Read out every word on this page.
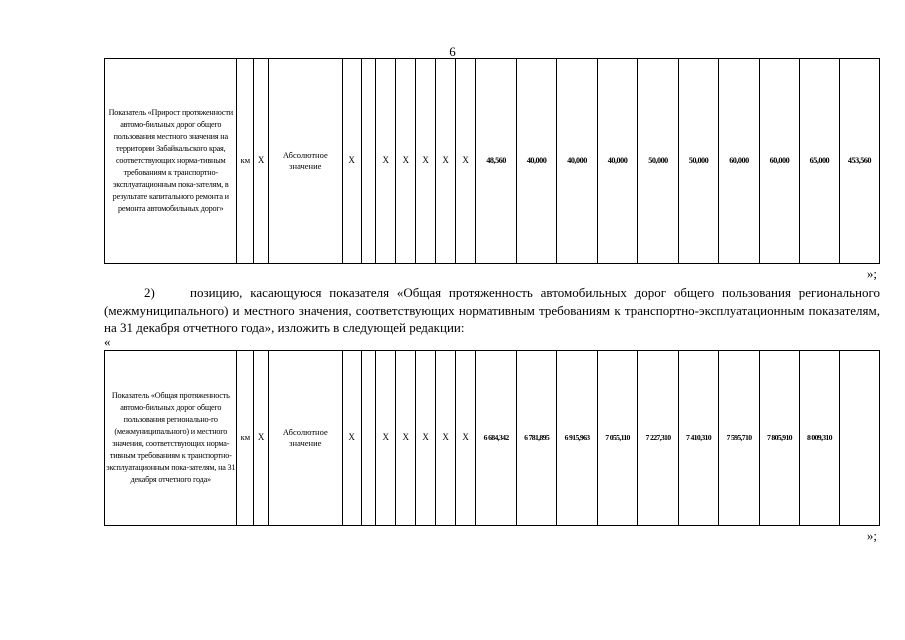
6
Показатель «Прирост протяженности автомо-бильных дорог общего пользования местного значения на территории Забайкальского края, соответствующих норма-тивным требованиям к транспортно-эксплуатационным пока-зателям, в результате капитального ремонта и ремонта автомобильных дорог»	км	X	Абсолютное значение	X		X	X	X	X	X	48,560	40,000	40,000	40,000	50,000	50,000	60,000	60,000	65,000	453,560
»;
2)	позицию, касающуюся показателя «Общая протяженность автомобильных дорог общего пользования регионального (межмуниципального) и местного значения, соответствующих нормативным требованиям к транспортно-эксплуатационным показателям, на 31 декабря отчетного года», изложить в следующей редакции:
«
Показатель «Общая протяженность автомо-бильных дорог общего пользования регионально-го (межмуниципального) и местного значения, соответствующих норма-тивным требованиям к транспортно-эксплуатационным пока-зателям, на 31 декабря отчетного года»	км	X	Абсолютное значение	X		X	X	X	X	X	6 684,342	6 781,895	6 915,963	7 055,110	7 227,310	7 410,310	7 595,710	7 805,910	8 009,310	
»;
